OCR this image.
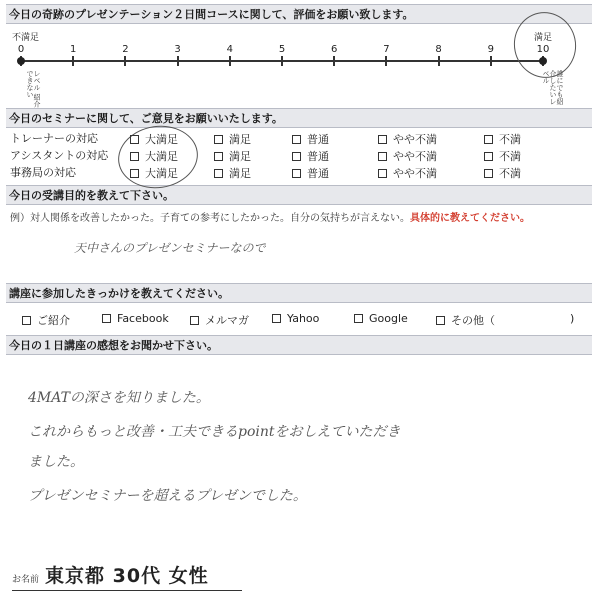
今日の奇跡のプレゼンテーション２日間コースに関して、評価をお願い致します。
不満足	満足
0	1	2	3	4	5	6	7	8	9	10
レベル 紹介できない	誰にでも紹介したいレベル
今日のセミナーに関して、ご意見をお願いいたします。
トレーナーの対応	大満足	満足	普通	やや不満	不満
アシスタントの対応	大満足	満足	普通	やや不満	不満
事務局の対応	大満足	満足	普通	やや不満	不満
今日の受講目的を教えて下さい。
例）対人関係を改善したかった。子育ての参考にしたかった。自分の気持ちが言えない。具体的に教えてください。
天中さんのプレゼンセミナーなので
講座に参加したきっかけを教えてください。
ご紹介	Facebook	メルマガ	Yahoo	Google	その他（	)
今日の１日講座の感想をお聞かせ下さい。
4MATの深さを知りました。
これからもっと改善・工夫できるpointをおしえていただき
ました。
プレゼンセミナーを超えるプレゼンでした。
お名前 東京都 30代 女性
